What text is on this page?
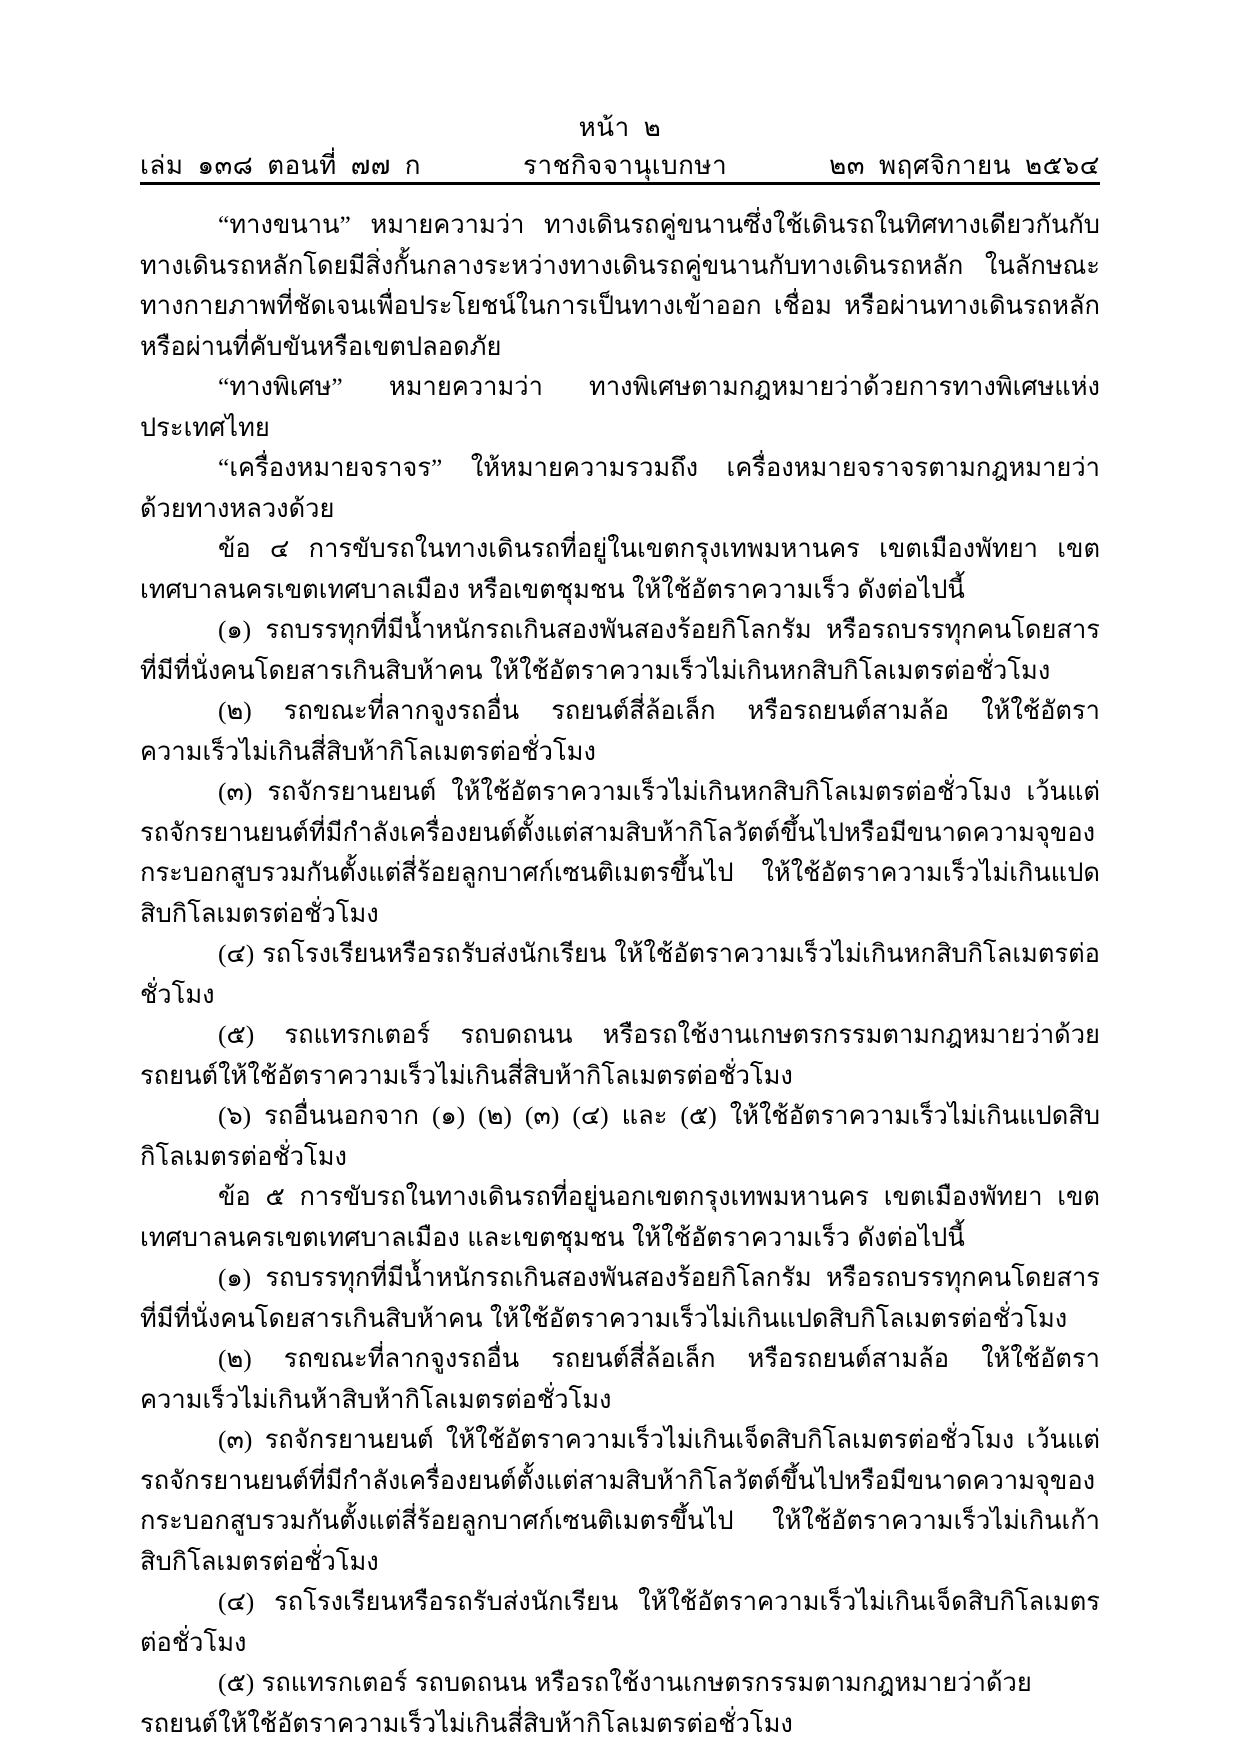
หน้า  ๒
เล่ม  ๑๓๘  ตอนที่  ๗๗  ก	ราชกิจจานุเบกษา	๒๓  พฤศจิกายน  ๒๕๖๔

“ทางขนาน” หมายความว่า ทางเดินรถคู่ขนานซึ่งใช้เดินรถในทิศทางเดียวกันกับทางเดินรถหลักโดยมีสิ่งกั้นกลางระหว่างทางเดินรถคู่ขนานกับทางเดินรถหลัก ในลักษณะทางกายภาพที่ชัดเจนเพื่อประโยชน์ในการเป็นทางเข้าออก เชื่อม หรือผ่านทางเดินรถหลักหรือผ่านที่คับขันหรือเขตปลอดภัย

“ทางพิเศษ” หมายความว่า ทางพิเศษตามกฎหมายว่าด้วยการทางพิเศษแห่งประเทศไทย

“เครื่องหมายจราจร” ให้หมายความรวมถึง เครื่องหมายจราจรตามกฎหมายว่าด้วยทางหลวงด้วย

ข้อ ๔ การขับรถในทางเดินรถที่อยู่ในเขตกรุงเทพมหานคร เขตเมืองพัทยา เขตเทศบาลนครเขตเทศบาลเมือง หรือเขตชุมชน ให้ใช้อัตราความเร็ว ดังต่อไปนี้

(๑) รถบรรทุกที่มีน้ำหนักรถเกินสองพันสองร้อยกิโลกรัม หรือรถบรรทุกคนโดยสารที่มีที่นั่งคนโดยสารเกินสิบห้าคน ให้ใช้อัตราความเร็วไม่เกินหกสิบกิโลเมตรต่อชั่วโมง

(๒) รถขณะที่ลากจูงรถอื่น รถยนต์สี่ล้อเล็ก หรือรถยนต์สามล้อ ให้ใช้อัตราความเร็วไม่เกินสี่สิบห้ากิโลเมตรต่อชั่วโมง

(๓) รถจักรยานยนต์ ให้ใช้อัตราความเร็วไม่เกินหกสิบกิโลเมตรต่อชั่วโมง เว้นแต่รถจักรยานยนต์ที่มีกำลังเครื่องยนต์ตั้งแต่สามสิบห้ากิโลวัตต์ขึ้นไปหรือมีขนาดความจุของกระบอกสูบรวมกันตั้งแต่สี่ร้อยลูกบาศก์เซนติเมตรขึ้นไป ให้ใช้อัตราความเร็วไม่เกินแปดสิบกิโลเมตรต่อชั่วโมง

(๔) รถโรงเรียนหรือรถรับส่งนักเรียน ให้ใช้อัตราความเร็วไม่เกินหกสิบกิโลเมตรต่อชั่วโมง

(๕) รถแทรกเตอร์ รถบดถนน หรือรถใช้งานเกษตรกรรมตามกฎหมายว่าด้วยรถยนต์ให้ใช้อัตราความเร็วไม่เกินสี่สิบห้ากิโลเมตรต่อชั่วโมง

(๖) รถอื่นนอกจาก (๑) (๒) (๓) (๔) และ (๕) ให้ใช้อัตราความเร็วไม่เกินแปดสิบกิโลเมตรต่อชั่วโมง

ข้อ ๕ การขับรถในทางเดินรถที่อยู่นอกเขตกรุงเทพมหานคร เขตเมืองพัทยา เขตเทศบาลนครเขตเทศบาลเมือง และเขตชุมชน ให้ใช้อัตราความเร็ว ดังต่อไปนี้

(๑) รถบรรทุกที่มีน้ำหนักรถเกินสองพันสองร้อยกิโลกรัม หรือรถบรรทุกคนโดยสารที่มีที่นั่งคนโดยสารเกินสิบห้าคน ให้ใช้อัตราความเร็วไม่เกินแปดสิบกิโลเมตรต่อชั่วโมง

(๒) รถขณะที่ลากจูงรถอื่น รถยนต์สี่ล้อเล็ก หรือรถยนต์สามล้อ ให้ใช้อัตราความเร็วไม่เกินห้าสิบห้ากิโลเมตรต่อชั่วโมง

(๓) รถจักรยานยนต์ ให้ใช้อัตราความเร็วไม่เกินเจ็ดสิบกิโลเมตรต่อชั่วโมง เว้นแต่รถจักรยานยนต์ที่มีกำลังเครื่องยนต์ตั้งแต่สามสิบห้ากิโลวัตต์ขึ้นไปหรือมีขนาดความจุของกระบอกสูบรวมกันตั้งแต่สี่ร้อยลูกบาศก์เซนติเมตรขึ้นไป ให้ใช้อัตราความเร็วไม่เกินเก้าสิบกิโลเมตรต่อชั่วโมง

(๔) รถโรงเรียนหรือรถรับส่งนักเรียน ให้ใช้อัตราความเร็วไม่เกินเจ็ดสิบกิโลเมตรต่อชั่วโมง

(๕) รถแทรกเตอร์ รถบดถนน หรือรถใช้งานเกษตรกรรมตามกฎหมายว่าด้วยรถยนต์ให้ใช้อัตราความเร็วไม่เกินสี่สิบห้ากิโลเมตรต่อชั่วโมง
